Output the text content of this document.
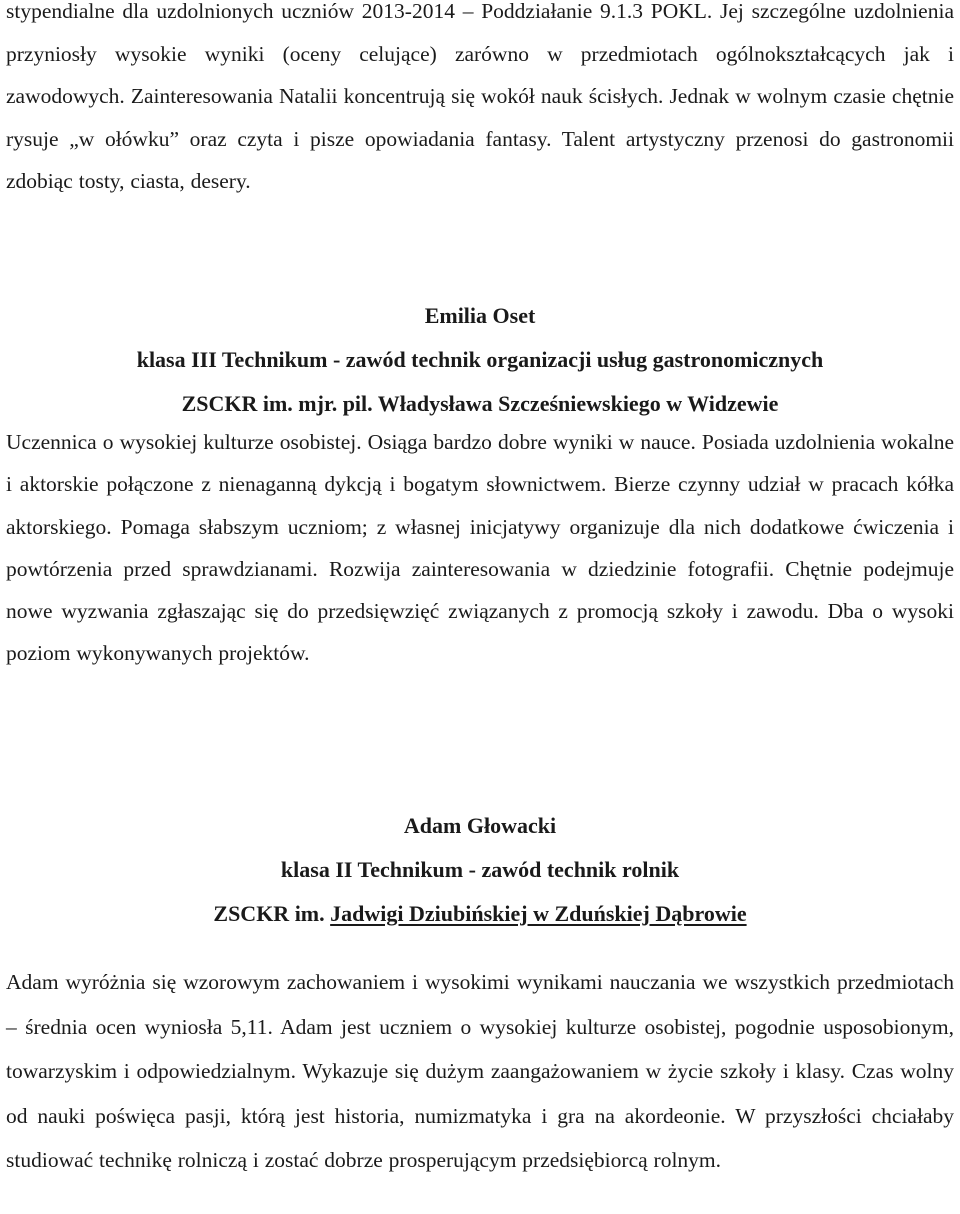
stypendialne dla uzdolnionych uczniów 2013-2014 – Poddziałanie 9.1.3 POKL. Jej szczególne uzdolnienia przyniosły wysokie wyniki (oceny celujące) zarówno w przedmiotach ogólnokształcących jak i zawodowych. Zainteresowania Natalii koncentrują się wokół nauk ścisłych. Jednak w wolnym czasie chętnie rysuje „w ołówku” oraz czyta i pisze opowiadania fantasy. Talent artystyczny przenosi do gastronomii zdobiąc tosty, ciasta, desery.

Emilia Oset
klasa III Technikum - zawód technik organizacji usług gastronomicznych
ZSCKR im. mjr. pil. Władysława Szcześniewskiego w Widzewie

Uczennica o wysokiej kulturze osobistej. Osiąga bardzo dobre wyniki w nauce. Posiada uzdolnienia wokalne i aktorskie połączone z nienaganną dykcją i bogatym słownictwem. Bierze czynny udział w pracach kółka aktorskiego. Pomaga słabszym uczniom; z własnej inicjatywy organizuje dla nich dodatkowe ćwiczenia i powtórzenia przed sprawdzianami. Rozwija zainteresowania w dziedzinie fotografii. Chętnie podejmuje nowe wyzwania zgłaszając się do przedsięwzięć związanych z promocją szkoły i zawodu. Dba o wysoki poziom wykonywanych projektów.

Adam Głowacki
klasa II Technikum - zawód technik rolnik
ZSCKR im. Jadwigi Dziubińskiej w Zduńskiej Dąbrowie

Adam wyróżnia się wzorowym zachowaniem i wysokimi wynikami nauczania we wszystkich przedmiotach – średnia ocen wyniosła 5,11. Adam jest uczniem o wysokiej kulturze osobistej, pogodnie usposobionym, towarzyskim i odpowiedzialnym. Wykazuje się dużym zaangażowaniem w życie szkoły i klasy. Czas wolny od nauki poświęca pasji, którą jest historia, numizmatyka i gra na akordeonie. W przyszłości chciałaby studiować technikę rolniczą i zostać dobrze prosperującym przedsiębiorcą rolnym.
